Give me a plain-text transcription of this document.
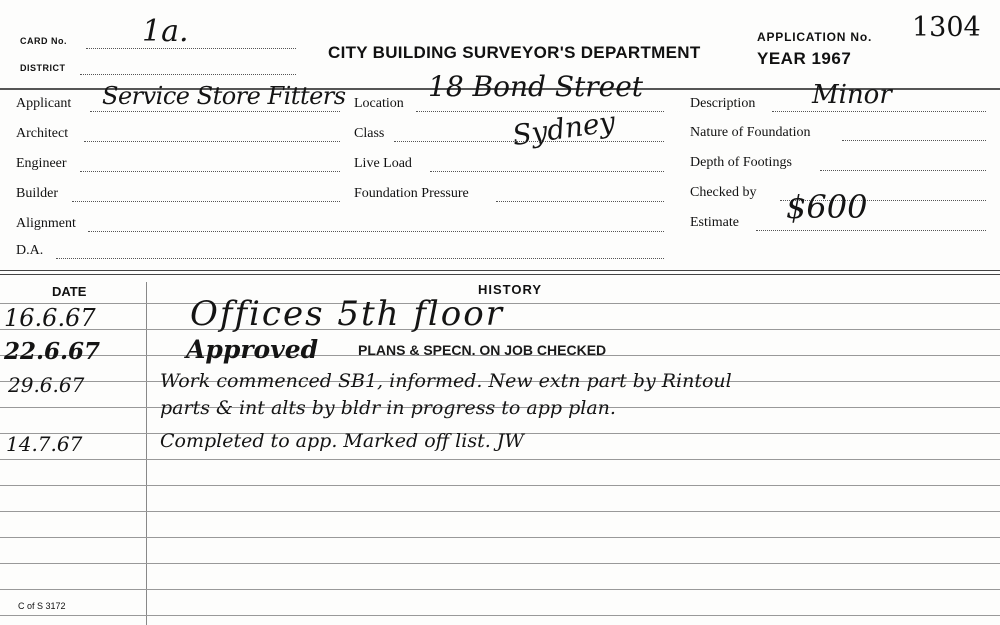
CARD No.	1a.
DISTRICT
CITY BUILDING SURVEYOR'S DEPARTMENT
APPLICATION No. 1304
YEAR 1967
Applicant Service Store Fitters
Architect
Engineer
Builder
Alignment
D.A.
Location
18 Bond Street
Sydney
Class
Live Load
Foundation Pressure
Description Minor
Nature of Foundation
Depth of Footings
Checked by
Estimate $600
DATE	HISTORY
16.6.67	Offices 5th floor
22.6.67	Approved	PLANS & SPECN. ON JOB CHECKED
29.6.67	Work commenced SB1, informed. New extn part by Rintoul
parts & int alts by bldr in progress to app plan.
14.7.67	Completed to app. Marked off list. JW
C of S 3172
